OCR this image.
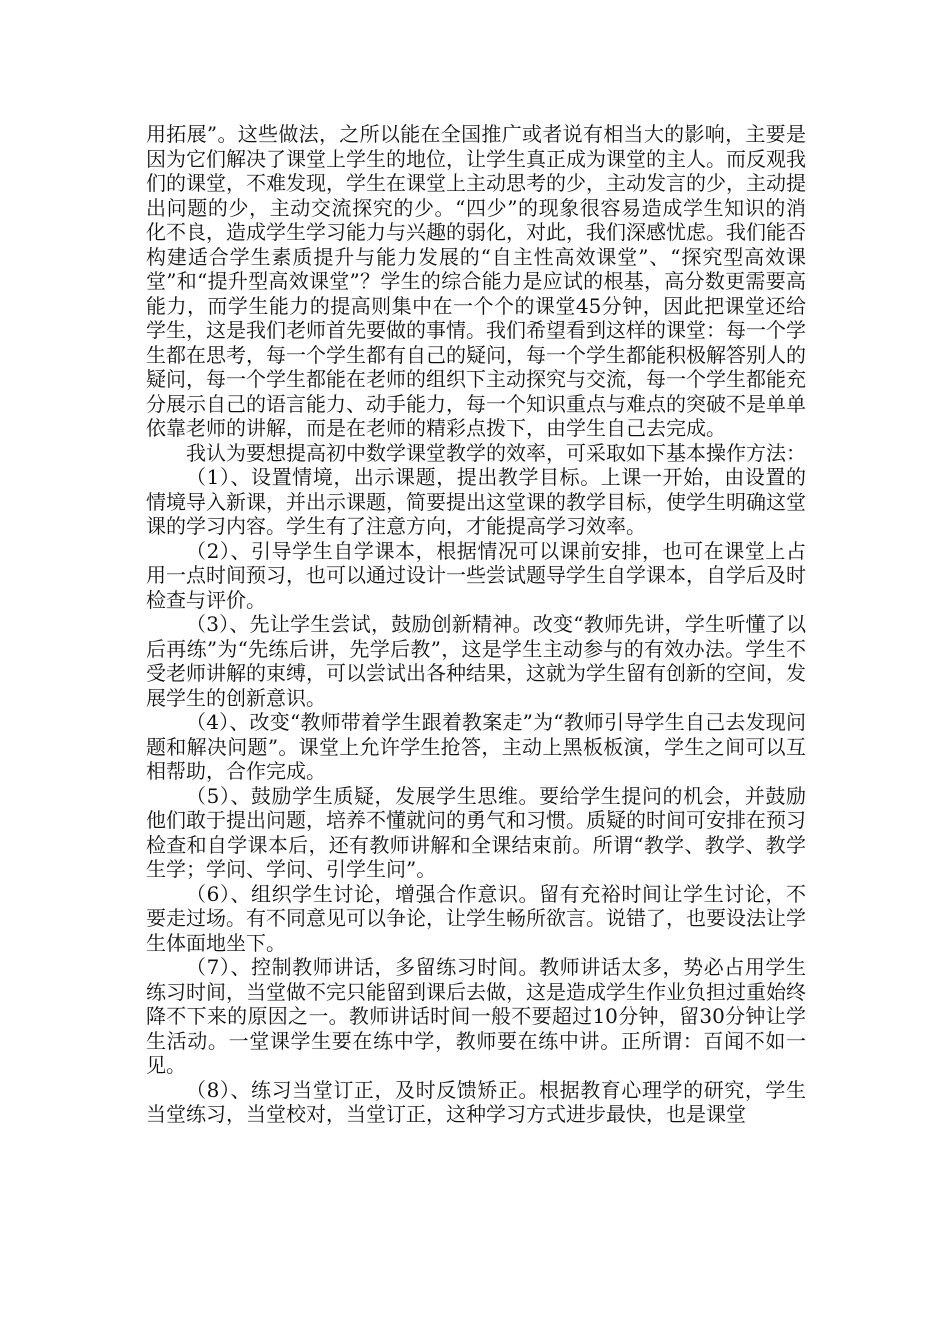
用拓展”。这些做法，之所以能在全国推广或者说有相当大的影响，主要是因为它们解决了课堂上学生的地位，让学生真正成为课堂的主人。而反观我们的课堂，不难发现，学生在课堂上主动思考的少，主动发言的少，主动提出问题的少，主动交流探究的少。“四少”的现象很容易造成学生知识的消化不良，造成学生学习能力与兴趣的弱化，对此，我们深感忧虑。我们能否构建适合学生素质提升与能力发展的“自主性高效课堂”、“探究型高效课堂”和“提升型高效课堂”？学生的综合能力是应试的根基，高分数更需要高能力，而学生能力的提高则集中在一个个的课堂45分钟，因此把课堂还给学生，这是我们老师首先要做的事情。我们希望看到这样的课堂：每一个学生都在思考，每一个学生都有自己的疑问，每一个学生都能积极解答别人的疑问，每一个学生都能在老师的组织下主动探究与交流，每一个学生都能充分展示自己的语言能力、动手能力，每一个知识重点与难点的突破不是单单依靠老师的讲解，而是在老师的精彩点拨下，由学生自己去完成。

我认为要想提高初中数学课堂教学的效率，可采取如下基本操作方法：

（1）、设置情境，出示课题，提出教学目标。上课一开始，由设置的情境导入新课，并出示课题，简要提出这堂课的教学目标，使学生明确这堂课的学习内容。学生有了注意方向，才能提高学习效率。

（2）、引导学生自学课本，根据情况可以课前安排，也可在课堂上占用一点时间预习，也可以通过设计一些尝试题导学生自学课本，自学后及时检查与评价。

（3）、先让学生尝试，鼓励创新精神。改变“教师先讲，学生听懂了以后再练”为“先练后讲，先学后教”，这是学生主动参与的有效办法。学生不受老师讲解的束缚，可以尝试出各种结果，这就为学生留有创新的空间，发展学生的创新意识。

（4）、改变“教师带着学生跟着教案走”为“教师引导学生自己去发现问题和解决问题”。课堂上允许学生抢答，主动上黑板板演，学生之间可以互相帮助，合作完成。

（5）、鼓励学生质疑，发展学生思维。要给学生提问的机会，并鼓励他们敢于提出问题，培养不懂就问的勇气和习惯。质疑的时间可安排在预习检查和自学课本后，还有教师讲解和全课结束前。所谓“教学、教学、教学生学；学问、学问、引学生问”。

（6）、组织学生讨论，增强合作意识。留有充裕时间让学生讨论，不要走过场。有不同意见可以争论，让学生畅所欲言。说错了，也要设法让学生体面地坐下。

（7）、控制教师讲话，多留练习时间。教师讲话太多，势必占用学生练习时间，当堂做不完只能留到课后去做，这是造成学生作业负担过重始终降不下来的原因之一。教师讲话时间一般不要超过10分钟，留30分钟让学生活动。一堂课学生要在练中学，教师要在练中讲。正所谓：百闻不如一见。

（8）、练习当堂订正，及时反馈矫正。根据教育心理学的研究，学生当堂练习，当堂校对，当堂订正，这种学习方式进步最快，也是课堂
